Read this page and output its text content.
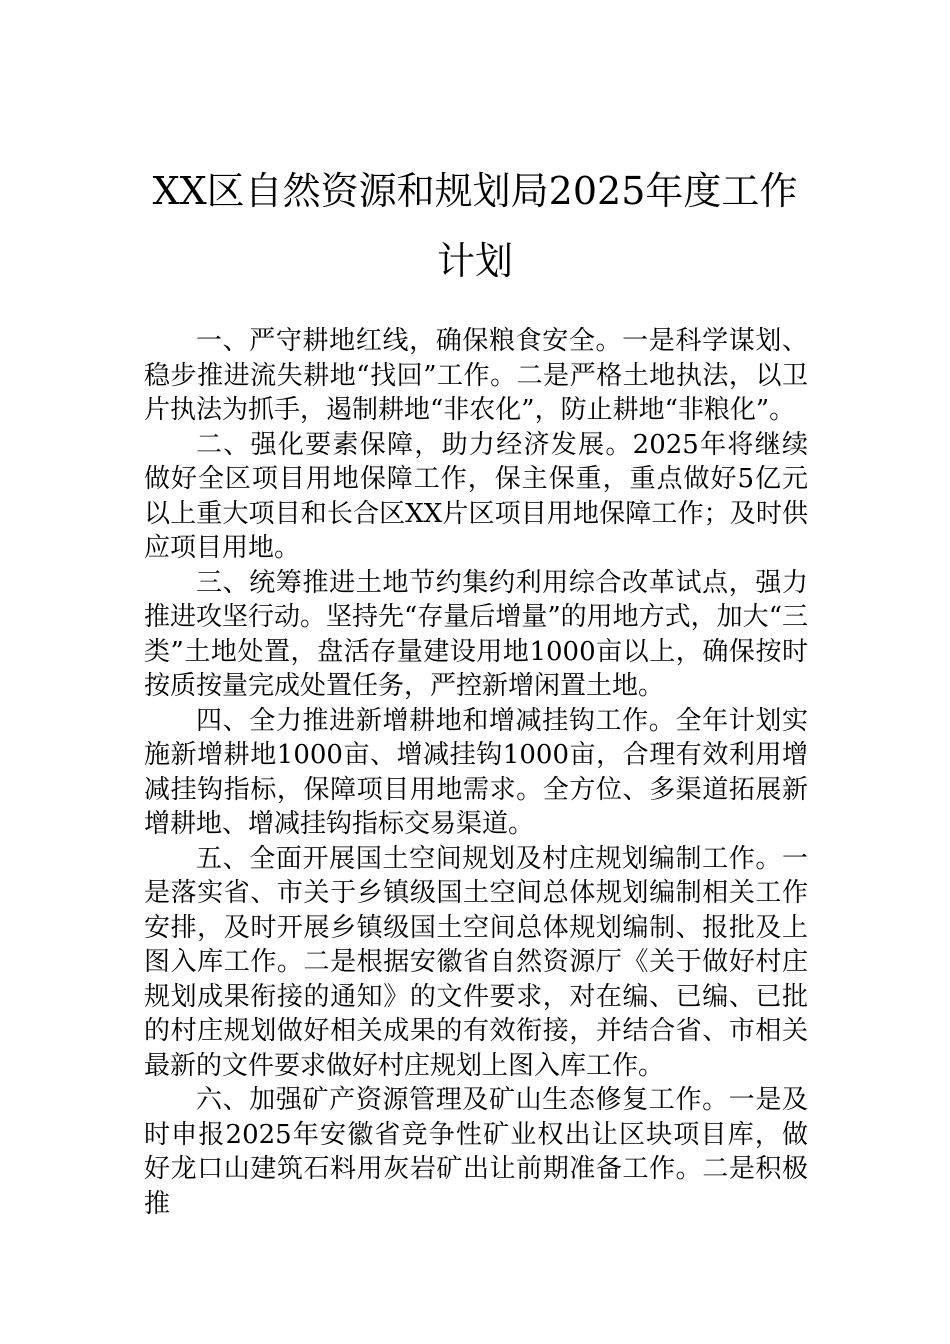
XX区自然资源和规划局2025年度工作计划

一、严守耕地红线，确保粮食安全。一是科学谋划、稳步推进流失耕地“找回”工作。二是严格土地执法，以卫片执法为抓手，遏制耕地“非农化”，防止耕地“非粮化”。

二、强化要素保障，助力经济发展。2025年将继续做好全区项目用地保障工作，保主保重，重点做好5亿元以上重大项目和长合区XX片区项目用地保障工作；及时供应项目用地。

三、统筹推进土地节约集约利用综合改革试点，强力推进攻坚行动。坚持先“存量后增量”的用地方式，加大“三类”土地处置，盘活存量建设用地1000亩以上，确保按时按质按量完成处置任务，严控新增闲置土地。

四、全力推进新增耕地和增减挂钩工作。全年计划实施新增耕地1000亩、增减挂钩1000亩，合理有效利用增减挂钩指标，保障项目用地需求。全方位、多渠道拓展新增耕地、增减挂钩指标交易渠道。

五、全面开展国土空间规划及村庄规划编制工作。一是落实省、市关于乡镇级国土空间总体规划编制相关工作安排，及时开展乡镇级国土空间总体规划编制、报批及上图入库工作。二是根据安徽省自然资源厅《关于做好村庄规划成果衔接的通知》的文件要求，对在编、已编、已批的村庄规划做好相关成果的有效衔接，并结合省、市相关最新的文件要求做好村庄规划上图入库工作。

六、加强矿产资源管理及矿山生态修复工作。一是及时申报2025年安徽省竞争性矿业权出让区块项目库，做好龙口山建筑石料用灰岩矿出让前期准备工作。二是积极推
